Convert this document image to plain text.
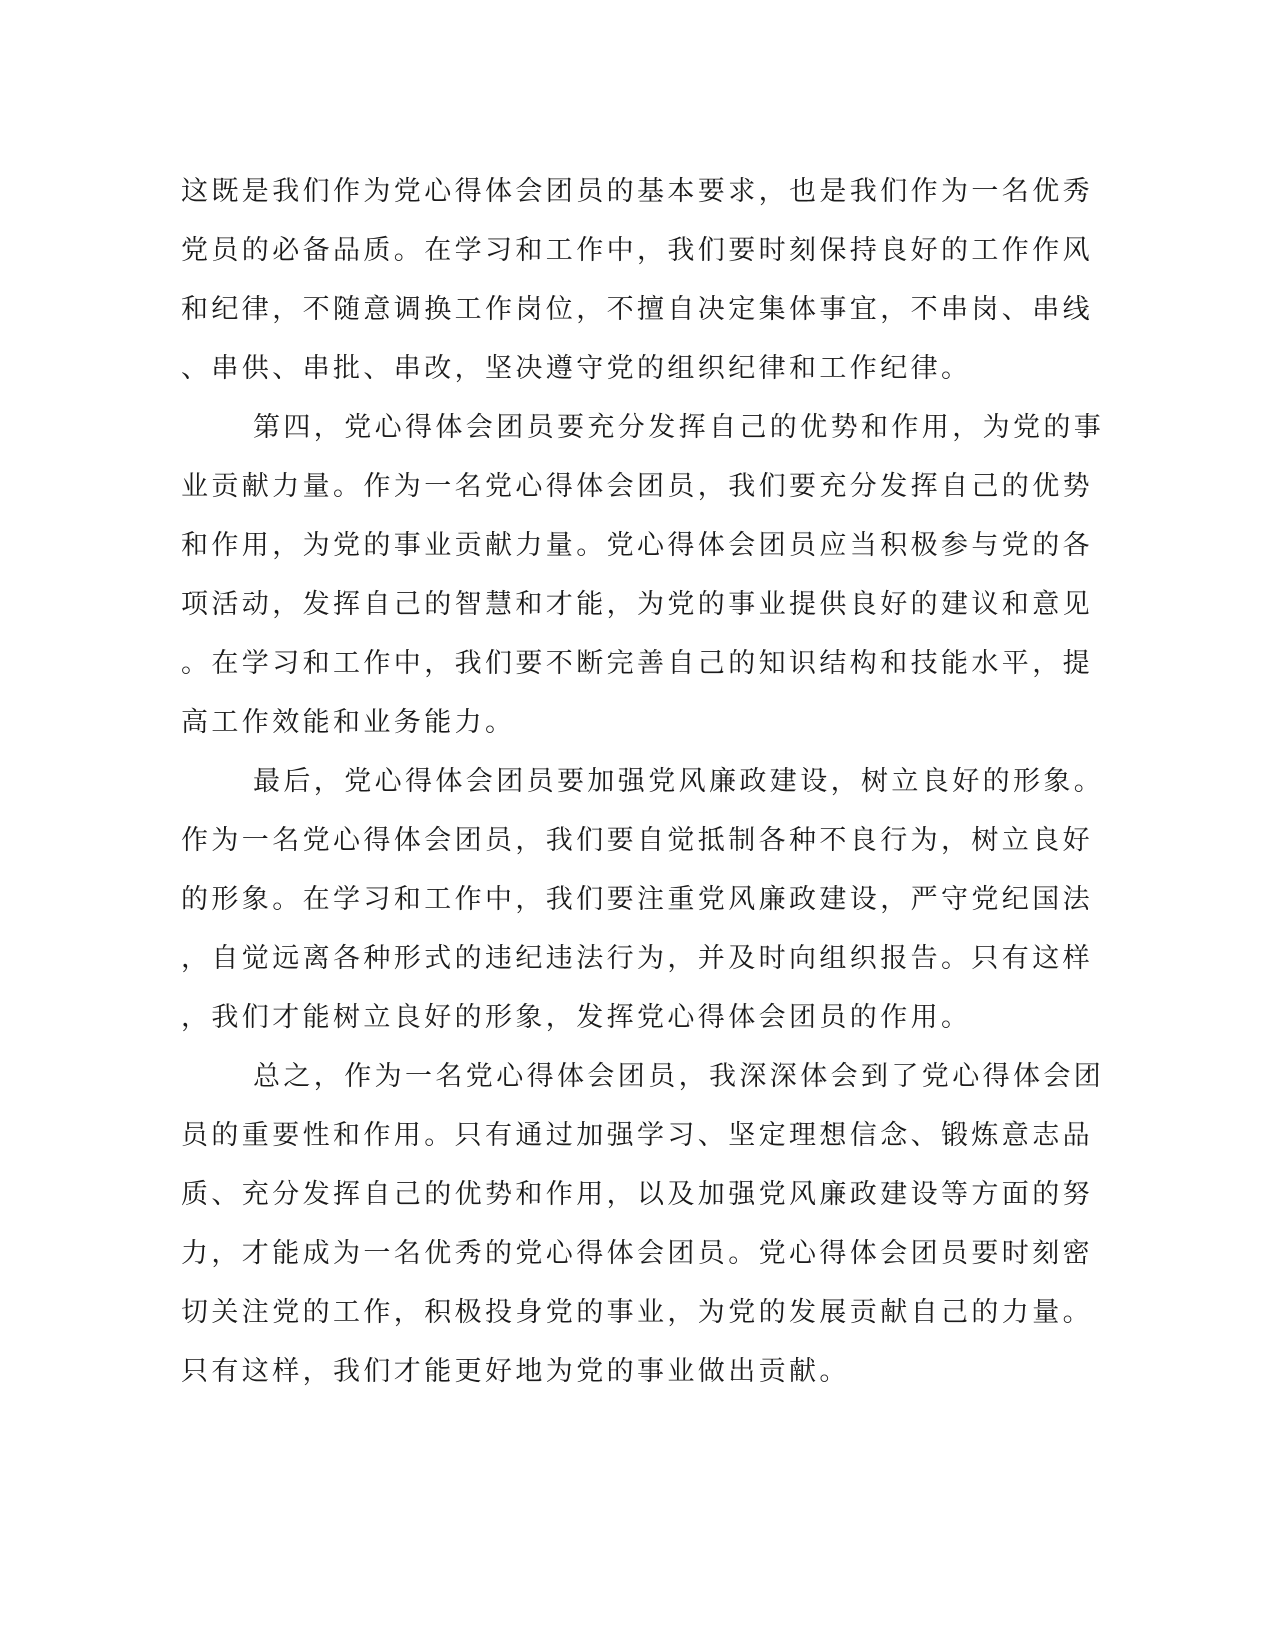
这既是我们作为党心得体会团员的基本要求，也是我们作为一名优秀
党员的必备品质。在学习和工作中，我们要时刻保持良好的工作作风
和纪律，不随意调换工作岗位，不擅自决定集体事宜，不串岗、串线
、串供、串批、串改，坚决遵守党的组织纪律和工作纪律。

第四，党心得体会团员要充分发挥自己的优势和作用，为党的事
业贡献力量。作为一名党心得体会团员，我们要充分发挥自己的优势
和作用，为党的事业贡献力量。党心得体会团员应当积极参与党的各
项活动，发挥自己的智慧和才能，为党的事业提供良好的建议和意见
。在学习和工作中，我们要不断完善自己的知识结构和技能水平，提
高工作效能和业务能力。

最后，党心得体会团员要加强党风廉政建设，树立良好的形象。
作为一名党心得体会团员，我们要自觉抵制各种不良行为，树立良好
的形象。在学习和工作中，我们要注重党风廉政建设，严守党纪国法
，自觉远离各种形式的违纪违法行为，并及时向组织报告。只有这样
，我们才能树立良好的形象，发挥党心得体会团员的作用。

总之，作为一名党心得体会团员，我深深体会到了党心得体会团
员的重要性和作用。只有通过加强学习、坚定理想信念、锻炼意志品
质、充分发挥自己的优势和作用，以及加强党风廉政建设等方面的努
力，才能成为一名优秀的党心得体会团员。党心得体会团员要时刻密
切关注党的工作，积极投身党的事业，为党的发展贡献自己的力量。
只有这样，我们才能更好地为党的事业做出贡献。
